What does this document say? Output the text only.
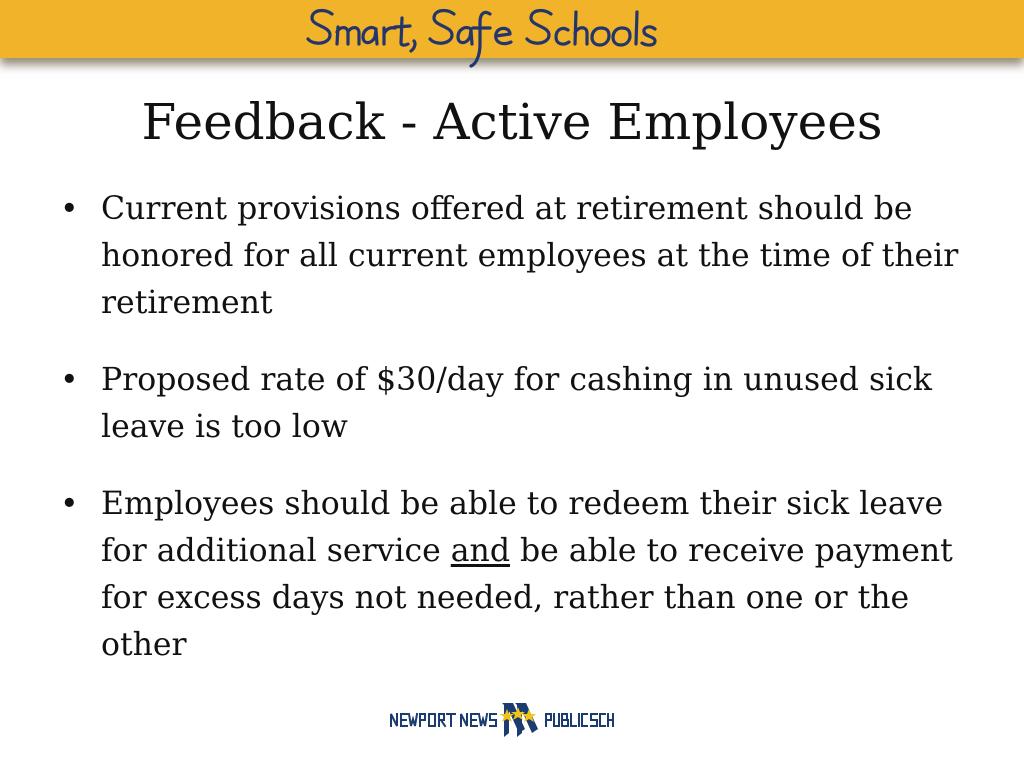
Feedback - Active Employees
• Current provisions offered at retirement should be honored for all current employees at the time of their retirement
• Proposed rate of $30/day for cashing in unused sick leave is too low
• Employees should be able to redeem their sick leave for additional service and be able to receive payment for excess days not needed, rather than one or the other
